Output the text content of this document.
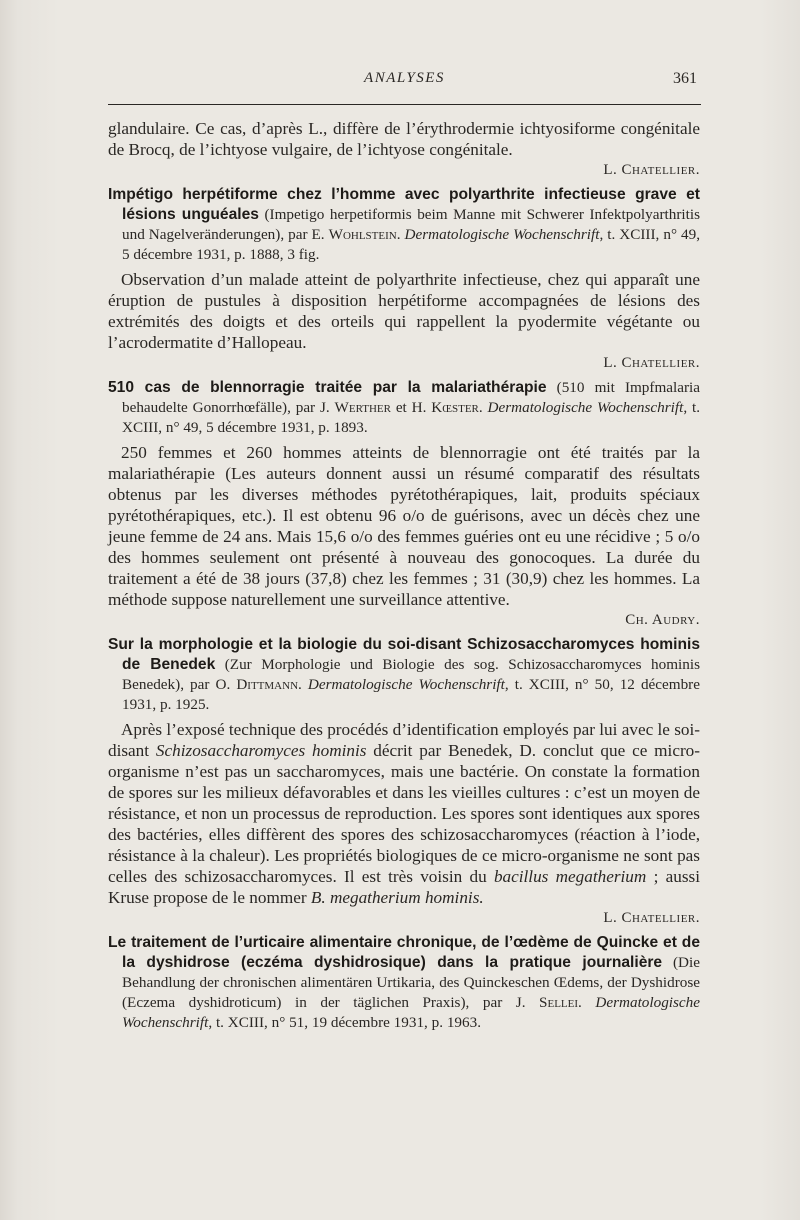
ANALYSES	361

glandulaire. Ce cas, d’après L., diffère de l’érythrodermie ichtyosiforme congénitale de Brocq, de l’ichtyose vulgaire, de l’ichtyose congénitale.

L. Chatellier.

Impétigo herpétiforme chez l’homme avec polyarthrite infectieuse grave et lésions unguéales (Impetigo herpetiformis beim Manne mit Schwerer Infektpolyarthritis und Nagelveränderungen), par E. Wohlstein. Dermatologische Wochenschrift, t. XCIII, n° 49, 5 décembre 1931, p. 1888, 3 fig.

Observation d’un malade atteint de polyarthrite infectieuse, chez qui apparaît une éruption de pustules à disposition herpétiforme accompagnées de lésions des extrémités des doigts et des orteils qui rappellent la pyodermite végétante ou l’acrodermatite d’Hallopeau.

L. Chatellier.

510 cas de blennorragie traitée par la malariathérapie (510 mit Impfmalaria behaudelte Gonorrhœfälle), par J. Werther et H. Kœster. Dermatologische Wochenschrift, t. XCIII, n° 49, 5 décembre 1931, p. 1893.

250 femmes et 260 hommes atteints de blennorragie ont été traités par la malariathérapie (Les auteurs donnent aussi un résumé comparatif des résultats obtenus par les diverses méthodes pyrétothérapiques, lait, produits spéciaux pyrétothérapiques, etc.). Il est obtenu 96 o/o de guérisons, avec un décès chez une jeune femme de 24 ans. Mais 15,6 o/o des femmes guéries ont eu une récidive ; 5 o/o des hommes seulement ont présenté à nouveau des gonocoques. La durée du traitement a été de 38 jours (37,8) chez les femmes ; 31 (30,9) chez les hommes. La méthode suppose naturellement une surveillance attentive.

Ch. Audry.

Sur la morphologie et la biologie du soi-disant Schizosaccharomyces hominis de Benedek (Zur Morphologie und Biologie des sog. Schizosaccharomyces hominis Benedek), par O. Dittmann. Dermatologische Wochenschrift, t. XCIII, n° 50, 12 décembre 1931, p. 1925.

Après l’exposé technique des procédés d’identification employés par lui avec le soi-disant Schizosaccharomyces hominis décrit par Benedek, D. conclut que ce micro-organisme n’est pas un saccharomyces, mais une bactérie. On constate la formation de spores sur les milieux défavorables et dans les vieilles cultures : c’est un moyen de résistance, et non un processus de reproduction. Les spores sont identiques aux spores des bactéries, elles diffèrent des spores des schizosaccharomyces (réaction à l’iode, résistance à la chaleur). Les propriétés biologiques de ce micro-organisme ne sont pas celles des schizosaccharomyces. Il est très voisin du bacillus megatherium ; aussi Kruse propose de le nommer B. megatherium hominis.

L. Chatellier.

Le traitement de l’urticaire alimentaire chronique, de l’œdème de Quincke et de la dyshidrose (eczéma dyshidrosique) dans la pratique journalière (Die Behandlung der chronischen alimentären Urtikaria, des Quinckeschen Œdems, der Dyshidrose (Eczema dyshidroticum) in der täglichen Praxis), par J. Sellei. Dermatologische Wochenschrift, t. XCIII, n° 51, 19 décembre 1931, p. 1963.
